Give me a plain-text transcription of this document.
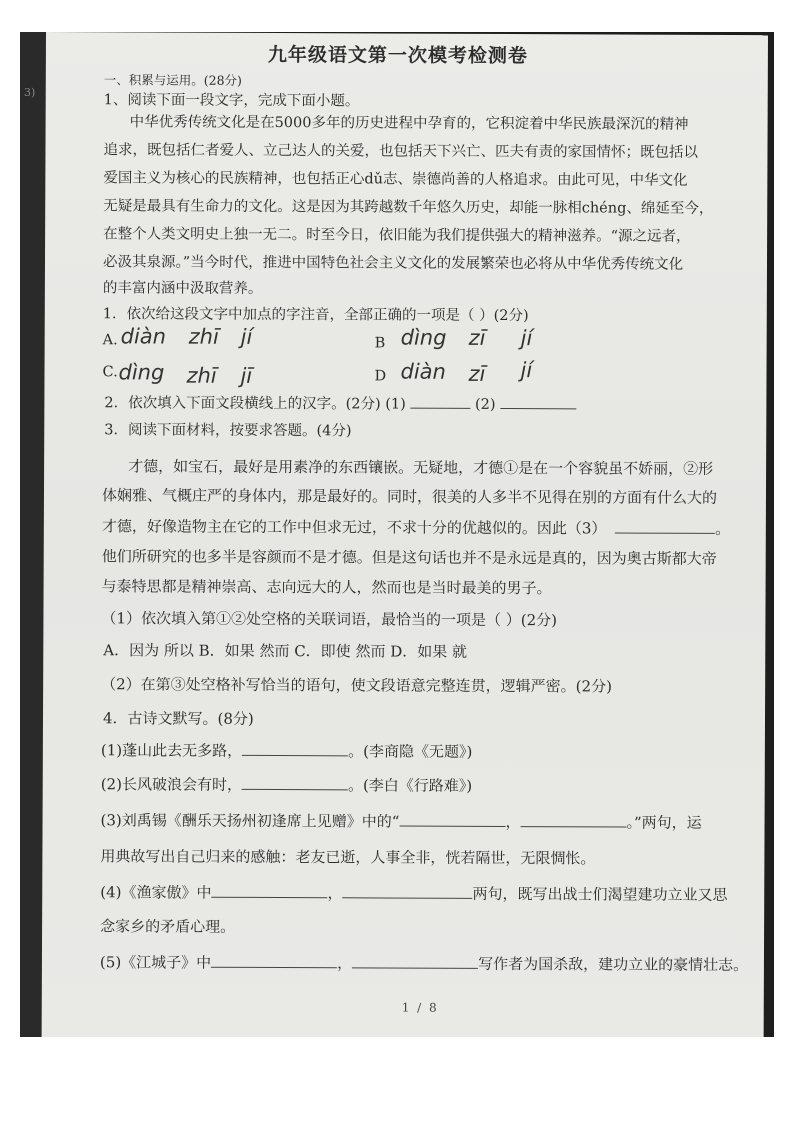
3)
九年级语文第一次模考检测卷
一、积累与运用。(28分)
1、阅读下面一段文字，完成下面小题。
中华优秀传统文化是在5000多年的历史进程中孕育的，它积淀着中华民族最深沉的精神
追求，既包括仁者爱人、立己达人的关爱，也包括天下兴亡、匹夫有责的家国情怀；既包括以
爱国主义为核心的民族精神，也包括正心dǔ志、崇德尚善的人格追求。由此可见，中华文化
无疑是最具有生命力的文化。这是因为其跨越数千年悠久历史，却能一脉相chéng、绵延至今，
在整个人类文明史上独一无二。时至今日，依旧能为我们提供强大的精神滋养。“源之远者，
必汲其泉源。”当今时代，推进中国特色社会主义文化的发展繁荣也必将从中华优秀传统文化
的丰富内涵中汲取营养。
1．依次给这段文字中加点的字注音，全部正确的一项是（ ）(2分)
A. diàn zhī jí	B dìng zī jí
C. dìng zhī jī	D diàn zī jí
2．依次填入下面文段横线上的汉字。(2分) (1)	(2)
3．阅读下面材料，按要求答题。(4分)
才德，如宝石，最好是用素净的东西镶嵌。无疑地，才德①是在一个容貌虽不娇丽，②形
体娴雅、气概庄严的身体内，那是最好的。同时，很美的人多半不见得在别的方面有什么大的
才德，好像造物主在它的工作中但求无过，不求十分的优越似的。因此（3）	。
他们所研究的也多半是容颜而不是才德。但是这句话也并不是永远是真的，因为奥古斯都大帝
与泰特思都是精神崇高、志向远大的人，然而也是当时最美的男子。
（1）依次填入第①②处空格的关联词语，最恰当的一项是（ ）(2分)
A．因为 所以 B．如果 然而 C．即使 然而 D．如果 就
（2）在第③处空格补写恰当的语句，使文段语意完整连贯，逻辑严密。(2分)
4．古诗文默写。(8分)
(1)蓬山此去无多路，	。(李商隐《无题》)
(2)长风破浪会有时，	。(李白《行路难》)
(3)刘禹锡《酬乐天扬州初逢席上见赠》中的“	，	。”两句，运
用典故写出自己归来的感触：老友已逝，人事全非，恍若隔世，无限惆怅。
(4)《渔家傲》中	，	两句，既写出战士们渴望建功立业又思
念家乡的矛盾心理。
(5)《江城子》中	，	写作者为国杀敌，建功立业的豪情壮志。
1 / 8
